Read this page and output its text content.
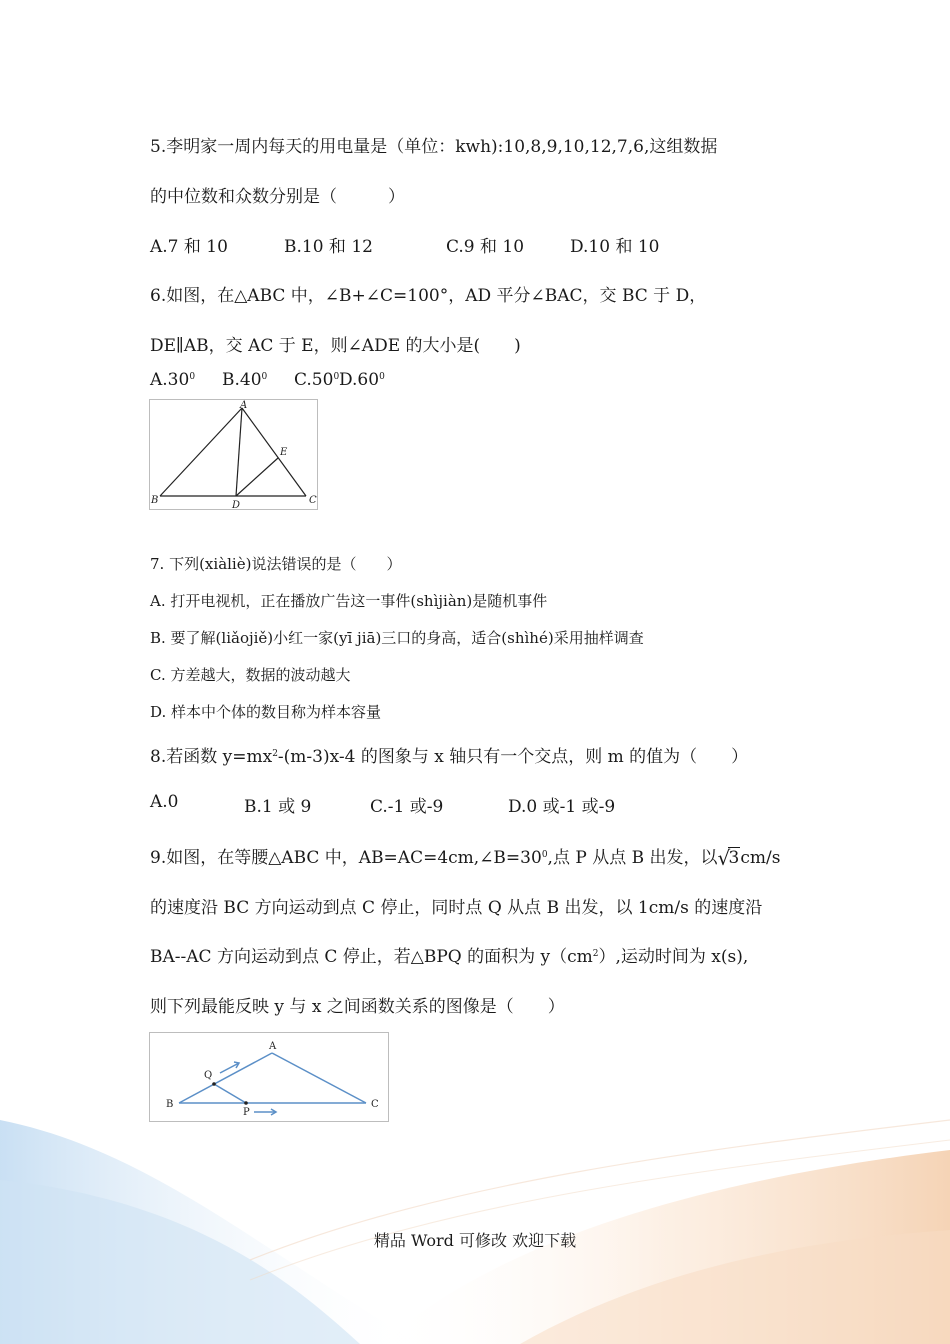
5.李明家一周内每天的用电量是（单位：kwh):10,8,9,10,12,7,6,这组数据
的中位数和众数分别是（　　　）
A.7 和 10	B.10 和 12	C.9 和 10	D.10 和 10
6.如图，在△ABC 中，∠B+∠C=100°，AD 平分∠BAC，交 BC 于 D，
DE∥AB，交 AC 于 E，则∠ADE 的大小是(　　)
$A.30^0$ $B.40^0$ $C.50^0$ $D.60^0$
A
B	C
D
E
7. 下列(xiàliè)说法错误的是（　　）
A. 打开电视机，正在播放广告这一事件(shìjiàn)是随机事件
B. 要了解(liǎojiě)小红一家(yī jiā)三口的身高，适合(shìhé)采用抽样调查
C. 方差越大，数据的波动越大
D. 样本中个体的数目称为样本容量
8.若函数 $y=mx^2-(m-3)x-4$ 的图象与 x 轴只有一个交点，则 m 的值为（　　）
A.0	B.1 或 9	C.-1 或-9	D.0 或-1 或-9
9.如图，在等腰△ABC 中，$AB=AC=4cm,\angle B=30^0$,点 P 从点 B 出发，以 √
3cm/s
的速度沿 BC 方向运动到点 C 停止，同时点 Q 从点 B 出发，以 1cm/s 的速度沿
BA--AC 方向运动到点 C 停止，若△BPQ 的面积为 $y(cm^2)$,运动时间为 x(s),
则下列最能反映 y 与 x 之间函数关系的图像是（　　）
A
B	C
P
Q
精品 Word 可修改 欢迎下载
